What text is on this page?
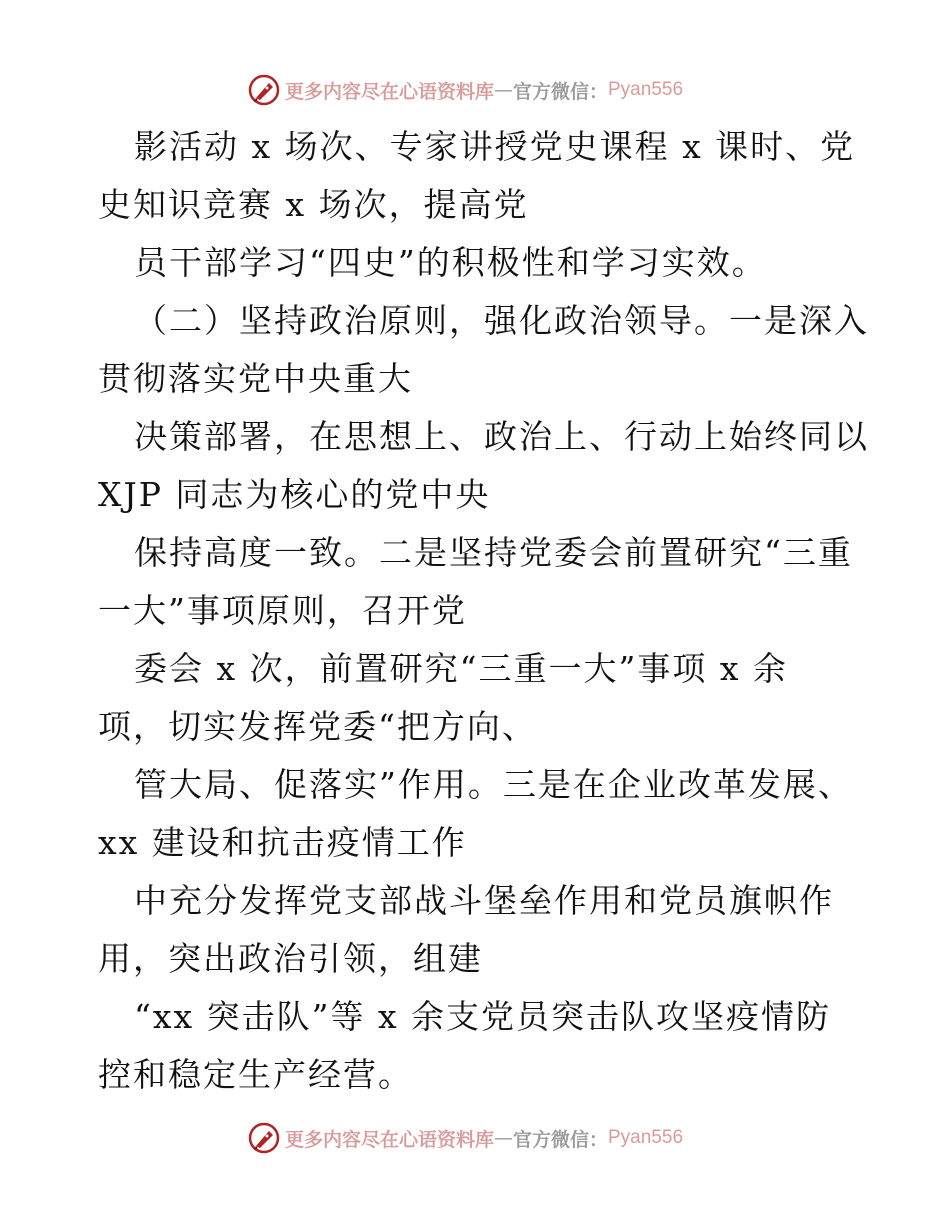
更多内容尽在心语资料库 — 官方微信： Pyan556
影活动 x 场次、专家讲授党史课程 x 课时、党
史知识竞赛 x 场次，提高党
员干部学习“四史”的积极性和学习实效。
（二）坚持政治原则，强化政治领导。一是深入
贯彻落实党中央重大
决策部署，在思想上、政治上、行动上始终同以
XJP 同志为核心的党中央
保持高度一致。二是坚持党委会前置研究“三重
一大”事项原则，召开党
委会 x 次，前置研究“三重一大”事项 x 余
项，切实发挥党委“把方向、
管大局、促落实”作用。三是在企业改革发展、
xx 建设和抗击疫情工作
中充分发挥党支部战斗堡垒作用和党员旗帜作
用，突出政治引领，组建
“xx 突击队”等 x 余支党员突击队攻坚疫情防
控和稳定生产经营。
更多内容尽在心语资料库 — 官方微信： Pyan556
